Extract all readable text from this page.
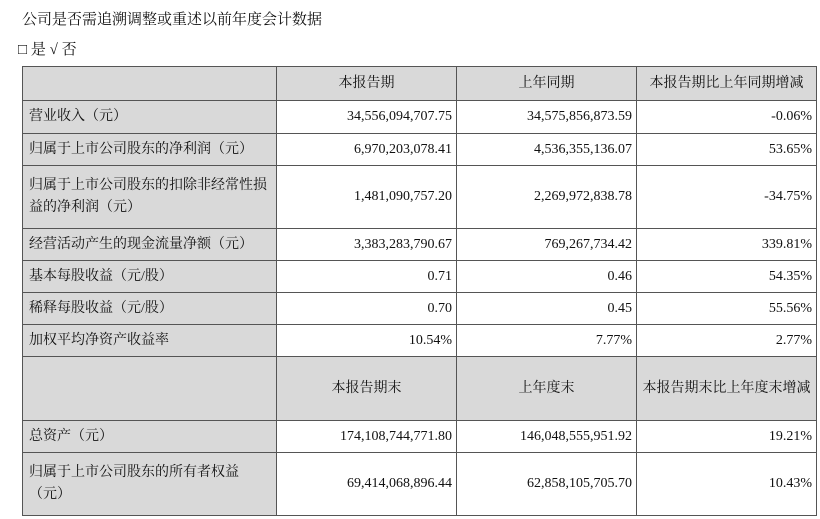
公司是否需追溯调整或重述以前年度会计数据
□ 是 √ 否
	本报告期	上年同期	本报告期比上年同期增减
营业收入（元）	34,556,094,707.75	34,575,856,873.59	-0.06%
归属于上市公司股东的净利润（元）	6,970,203,078.41	4,536,355,136.07	53.65%
归属于上市公司股东的扣除非经常性损益的净利润（元）	1,481,090,757.20	2,269,972,838.78	-34.75%
经营活动产生的现金流量净额（元）	3,383,283,790.67	769,267,734.42	339.81%
基本每股收益（元/股）	0.71	0.46	54.35%
稀释每股收益（元/股）	0.70	0.45	55.56%
加权平均净资产收益率	10.54%	7.77%	2.77%
	本报告期末	上年度末	本报告期末比上年度末增减
总资产（元）	174,108,744,771.80	146,048,555,951.92	19.21%
归属于上市公司股东的所有者权益（元）	69,414,068,896.44	62,858,105,705.70	10.43%
